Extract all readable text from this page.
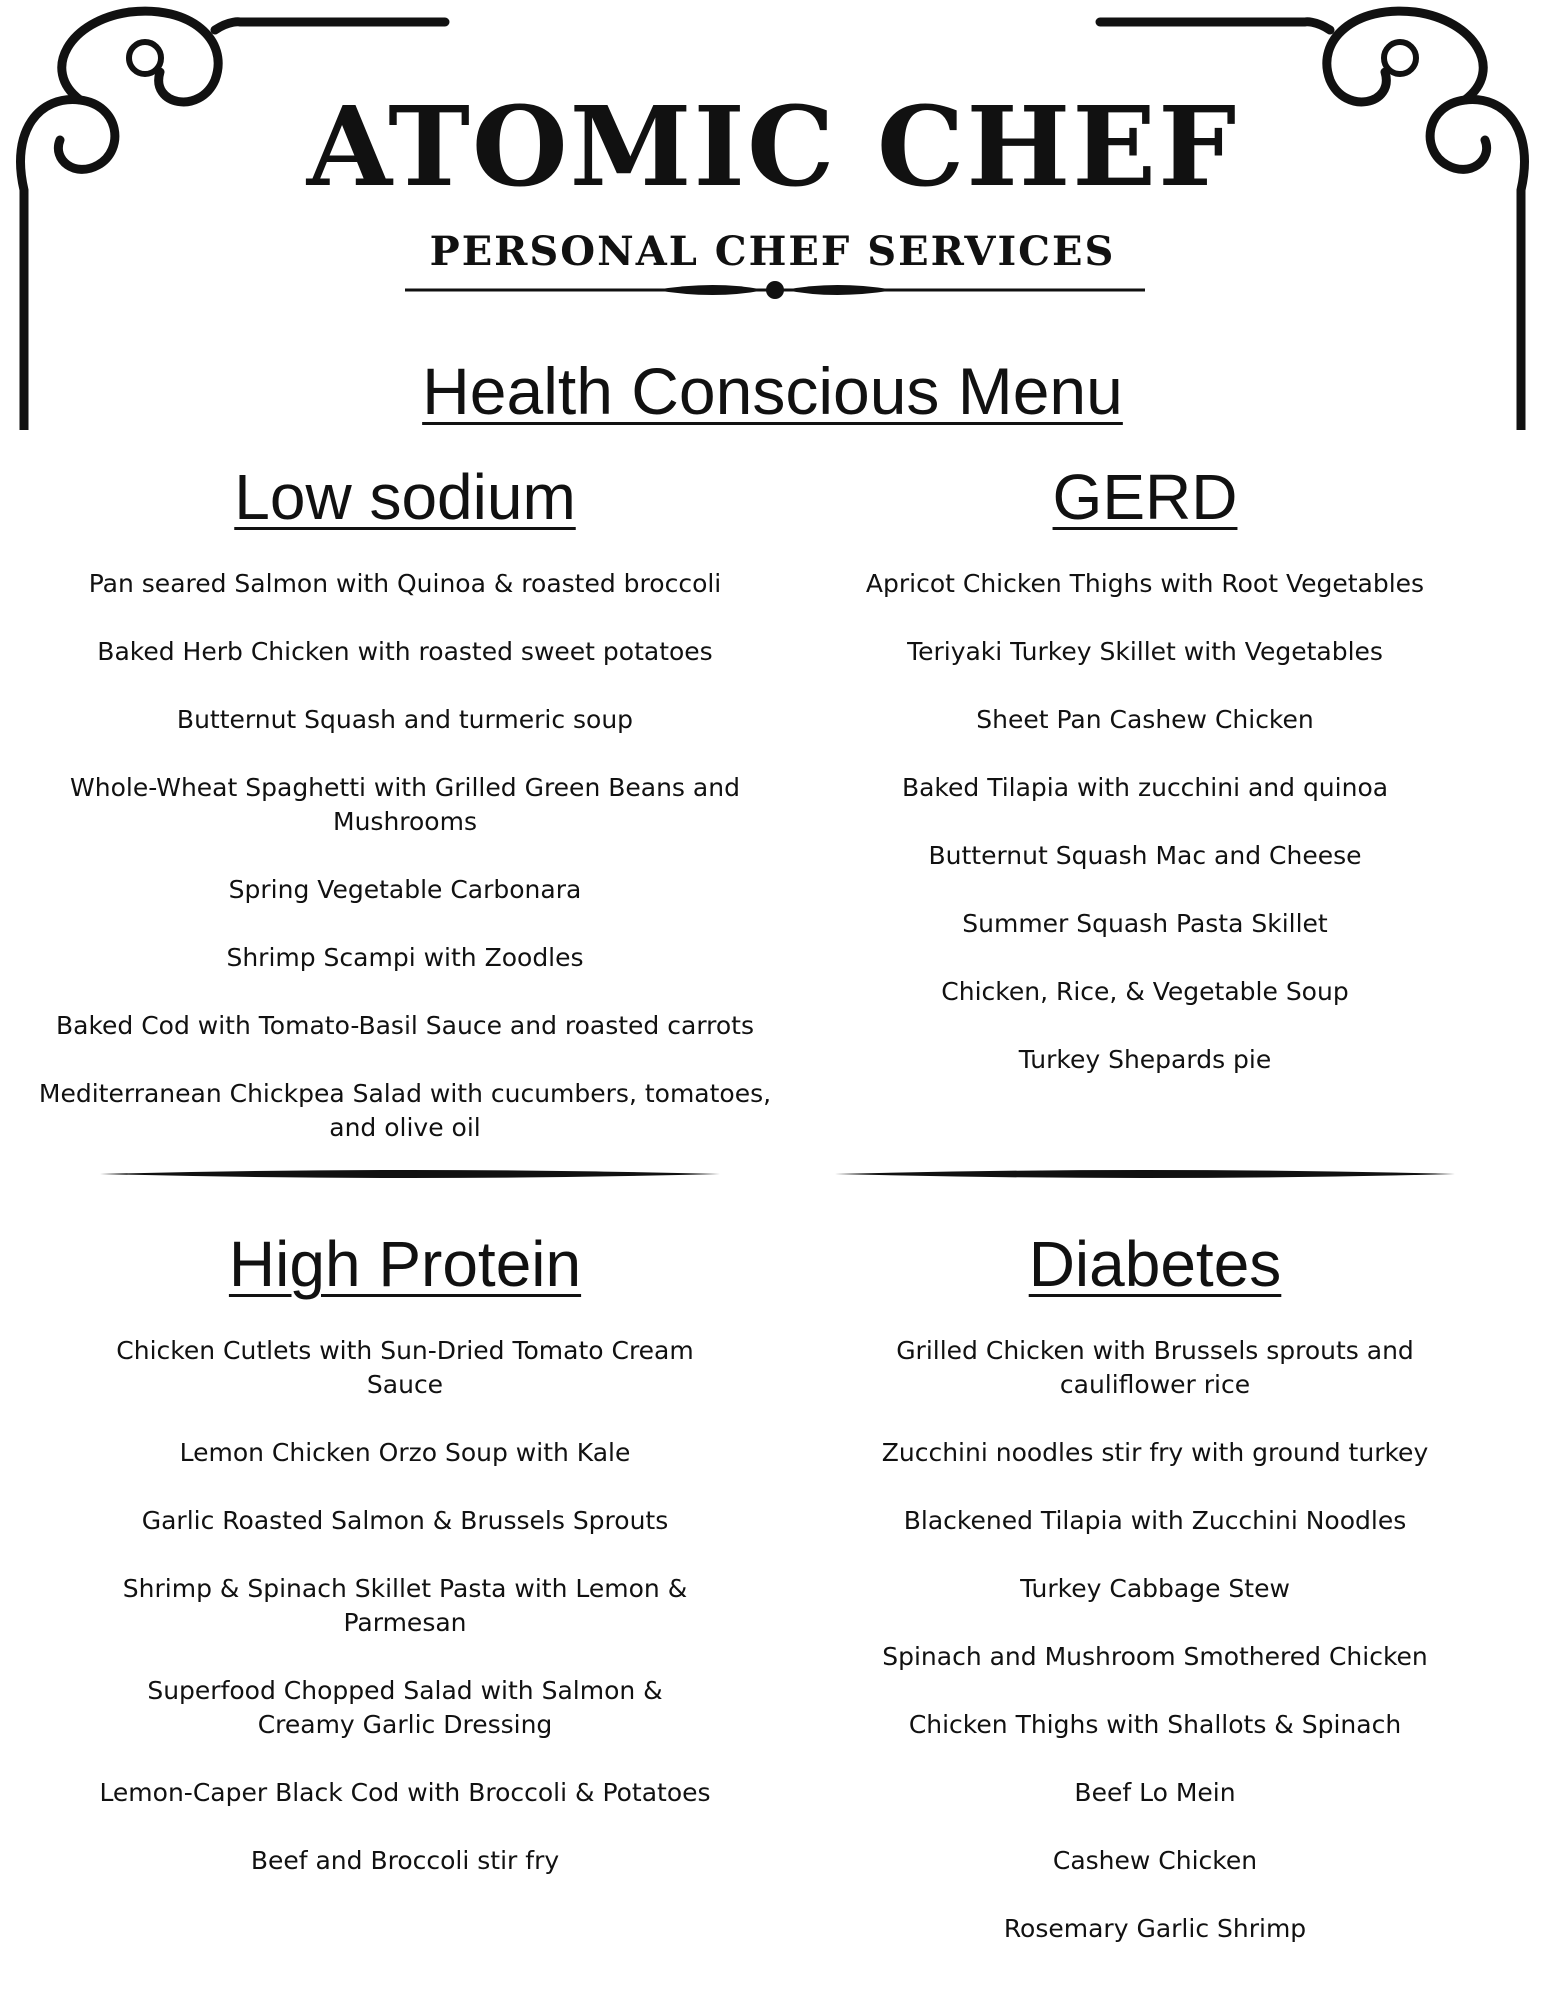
ATOMIC CHEF
PERSONAL CHEF SERVICES
Health Conscious Menu
Low sodium
Pan seared Salmon with Quinoa & roasted broccoli
Baked Herb Chicken with roasted sweet potatoes
Butternut Squash and turmeric soup
Whole-Wheat Spaghetti with Grilled Green Beans and Mushrooms
Spring Vegetable Carbonara
Shrimp Scampi with Zoodles
Baked Cod with Tomato-Basil Sauce and roasted carrots
Mediterranean Chickpea Salad with cucumbers, tomatoes, and olive oil
GERD
Apricot Chicken Thighs with Root Vegetables
Teriyaki Turkey Skillet with Vegetables
Sheet Pan Cashew Chicken
Baked Tilapia with zucchini and quinoa
Butternut Squash Mac and Cheese
Summer Squash Pasta Skillet
Chicken, Rice, & Vegetable Soup
Turkey Shepards pie
High Protein
Chicken Cutlets with Sun-Dried Tomato Cream Sauce
Lemon Chicken Orzo Soup with Kale
Garlic Roasted Salmon & Brussels Sprouts
Shrimp & Spinach Skillet Pasta with Lemon & Parmesan
Superfood Chopped Salad with Salmon & Creamy Garlic Dressing
Lemon-Caper Black Cod with Broccoli & Potatoes
Beef and Broccoli stir fry
Diabetes
Grilled Chicken with Brussels sprouts and cauliflower rice
Zucchini noodles stir fry with ground turkey
Blackened Tilapia with Zucchini Noodles
Turkey Cabbage Stew
Spinach and Mushroom Smothered Chicken
Chicken Thighs with Shallots & Spinach
Beef Lo Mein
Cashew Chicken
Rosemary Garlic Shrimp
